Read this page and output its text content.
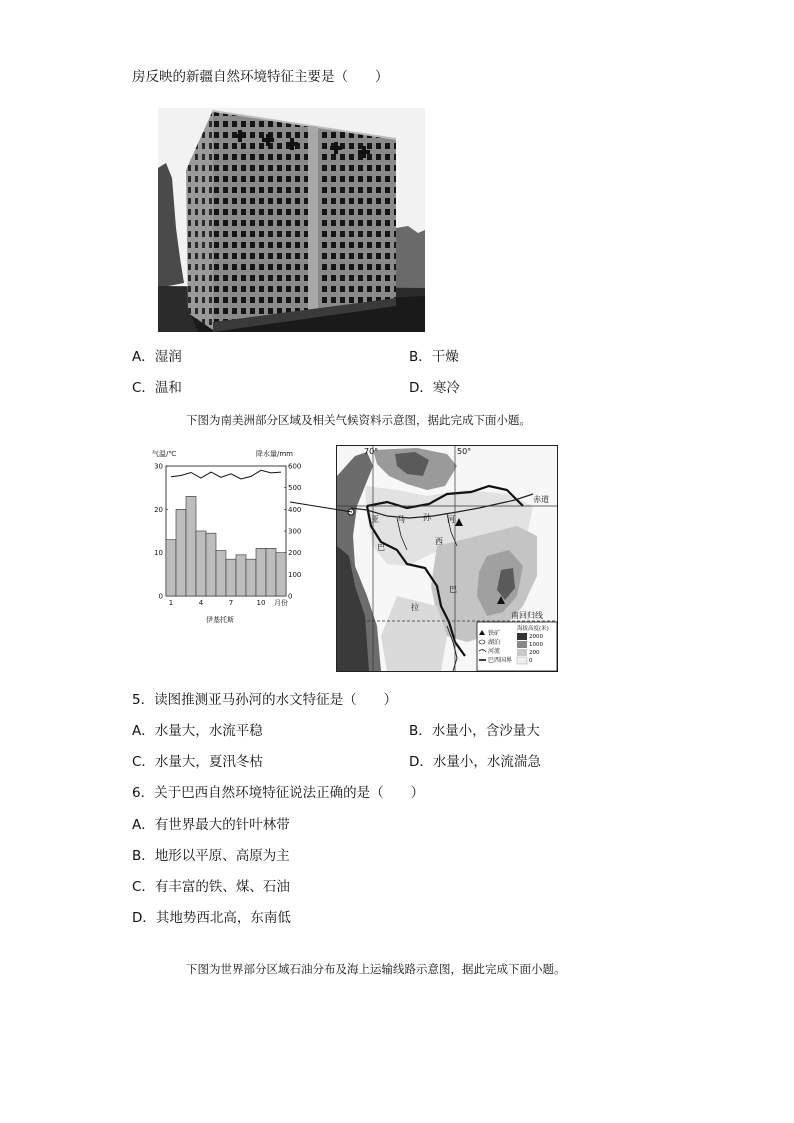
房反映的新疆自然环境特征主要是（　　）
A．湿润	B．干燥
C．温和	D．寒冷
下图为南美洲部分区域及相关气候资料示意图，据此完成下面小题。
气温/℃	降水量/mm
0
10
20
30
0
100
200
300
400
500
600
1	4	7	10 月份
伊基托斯
70°	50°
赤道
南回归线
亚 马 孙 河
巴
西
巴
拉
铁矿
湖泊
河流
巴西国界
海拔高度(米)
2000
1000
200
0
5．读图推测亚马孙河的水文特征是（　　）
A．水量大，水流平稳	B．水量小，含沙量大
C．水量大，夏汛冬枯	D．水量小，水流湍急
6．关于巴西自然环境特征说法正确的是（　　）
A．有世界最大的针叶林带
B．地形以平原、高原为主
C．有丰富的铁、煤、石油
D．其地势西北高，东南低
下图为世界部分区域石油分布及海上运输线路示意图，据此完成下面小题。
